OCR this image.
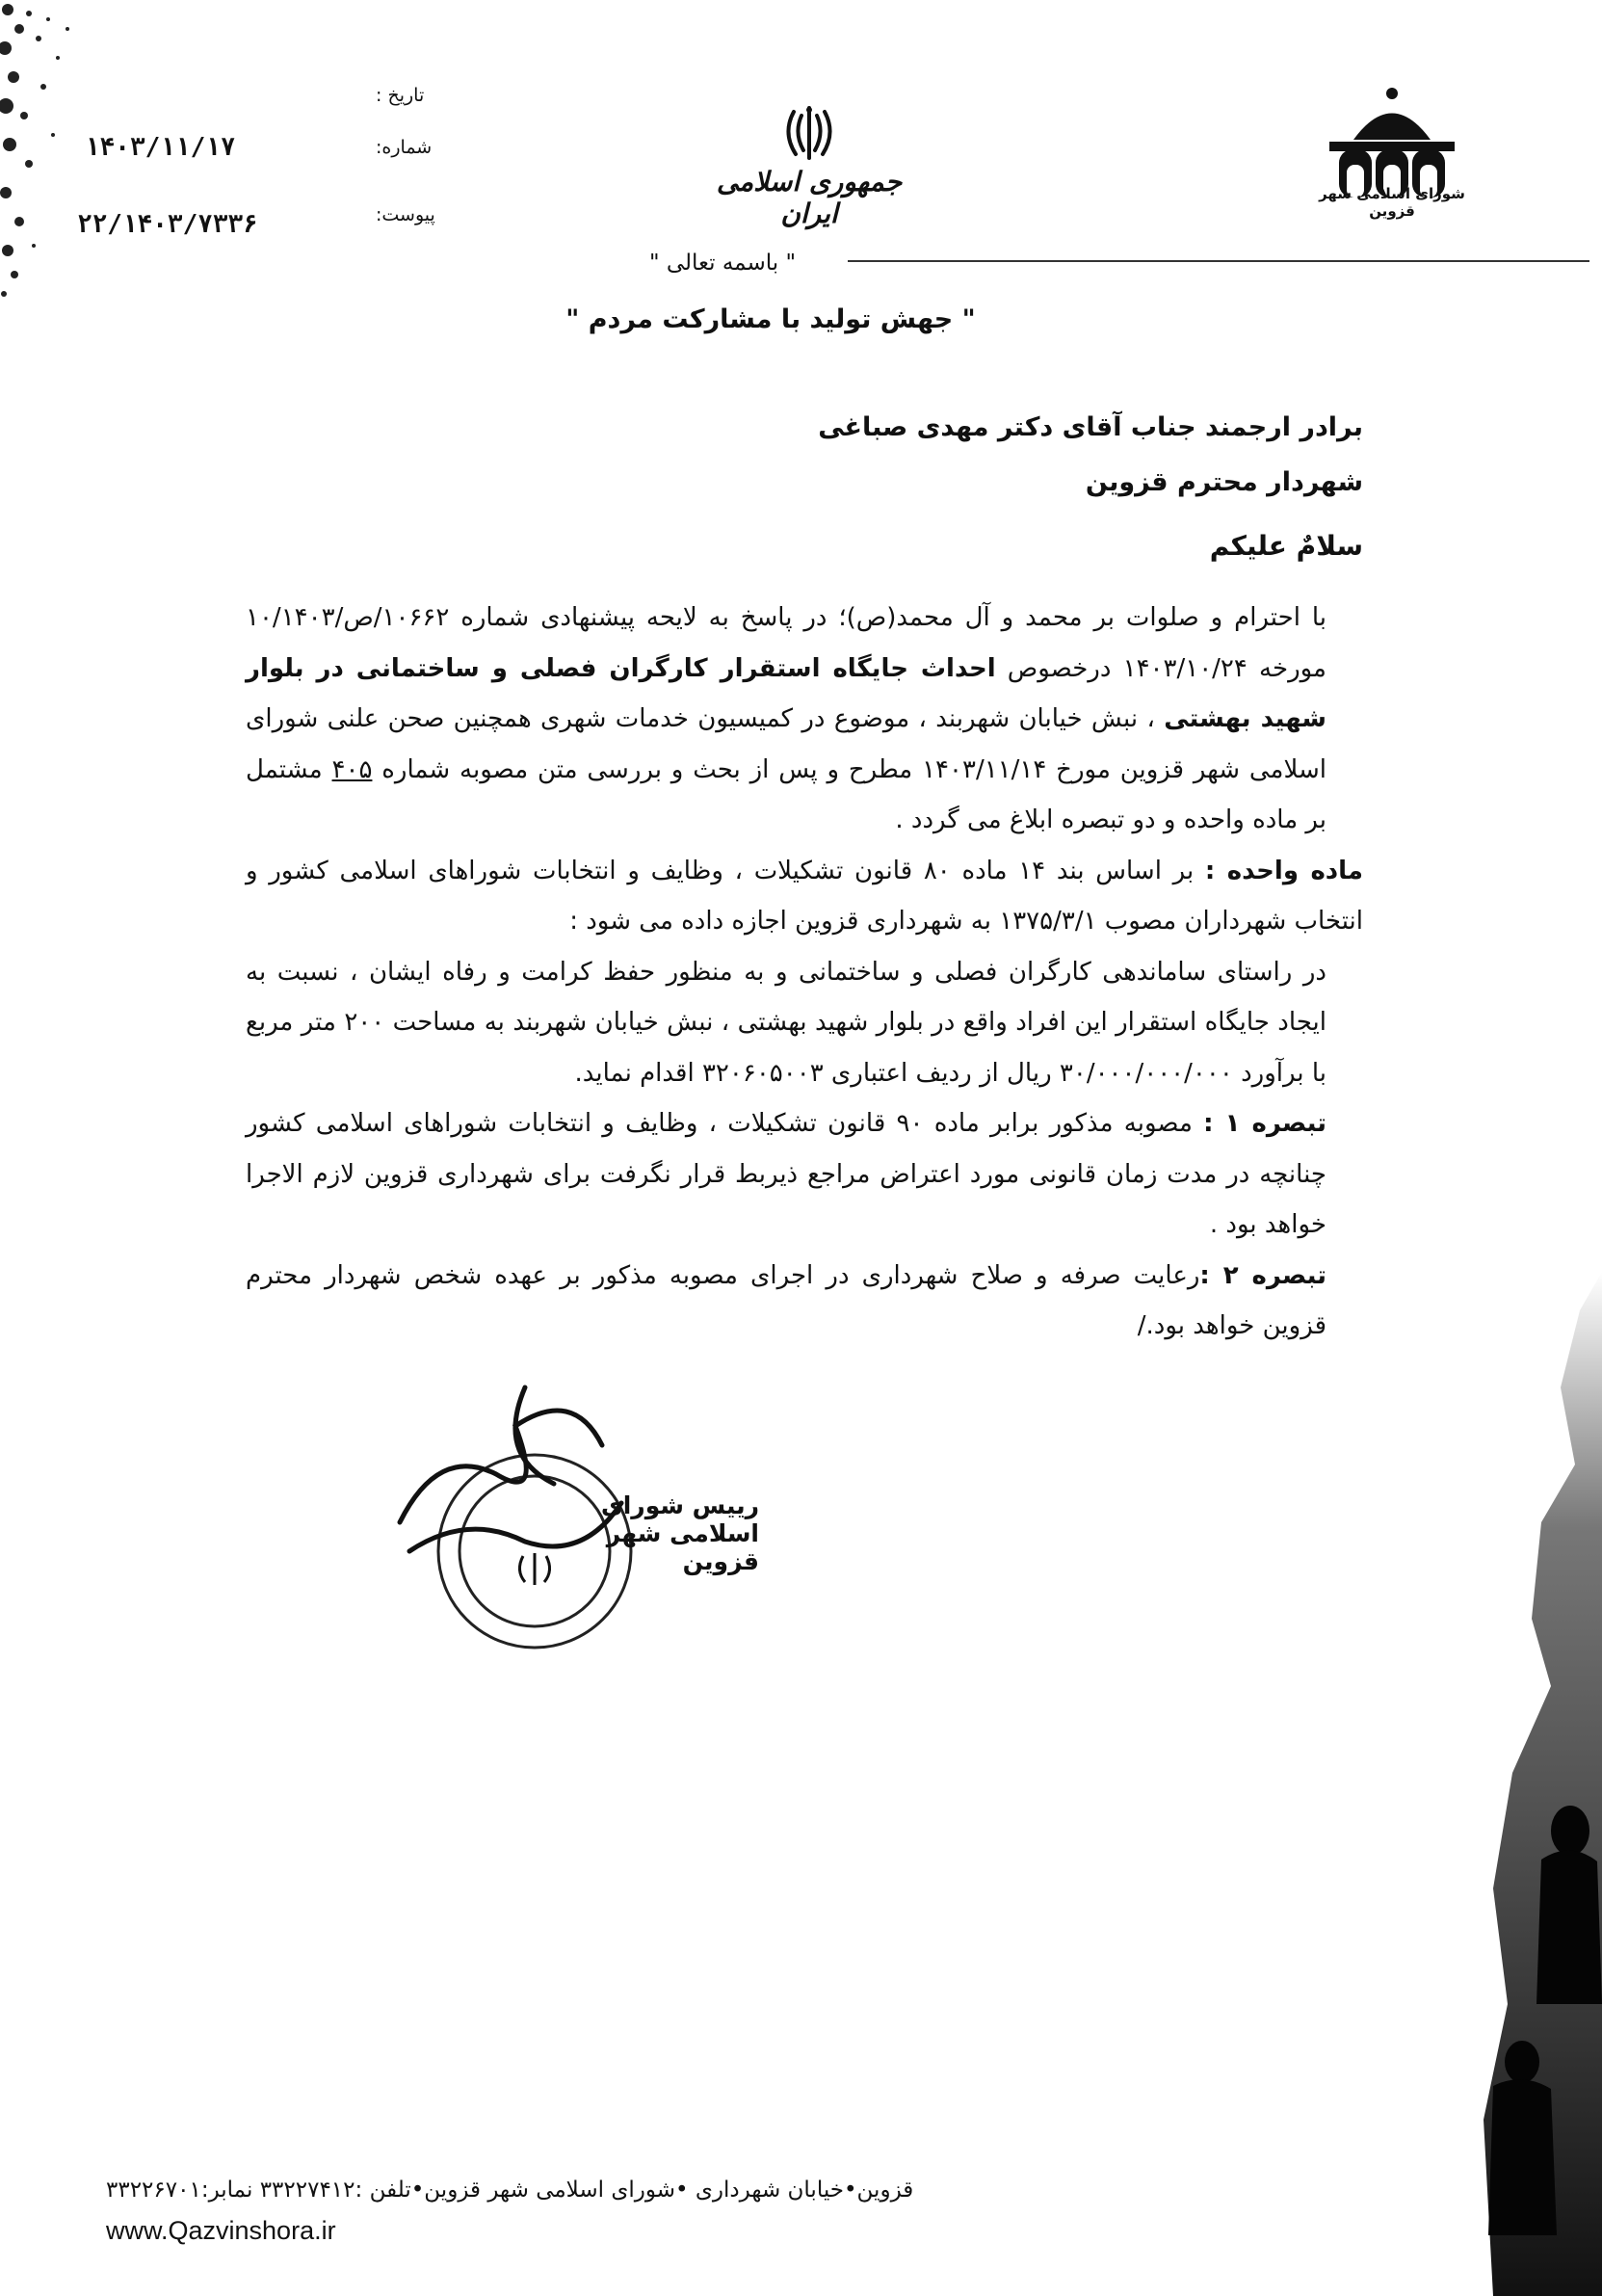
شورای اسلامی شهر قزوین
جمهوری اسلامی ایران
تاریخ :
شماره:
پیوست:
۱۴۰۳/۱۱/۱۷
۲۲/۱۴۰۳/۷۳۳۶
" باسمه تعالی "
" جهش تولید با مشارکت مردم "
برادر ارجمند جناب آقای دکتر مهدی صباغی
شهردار محترم قزوین
سلامٌ علیکم

با احترام و صلوات بر محمد و آل محمد(ص)؛ در پاسخ به لایحه پیشنهادی شماره ۱۰۶۶۲/ص/۱۰/۱۴۰۳ مورخه ۱۴۰۳/۱۰/۲۴ درخصوص احداث جایگاه استقرار کارگران فصلی و ساختمانی در بلوار شهید بهشتی ، نبش خیابان شهربند ، موضوع در کمیسیون خدمات شهری همچنین صحن علنی شورای اسلامی شهر قزوین مورخ ۱۴۰۳/۱۱/۱۴ مطرح و پس از بحث و بررسی متن مصوبه شماره ۴۰۵ مشتمل بر ماده واحده و دو تبصره ابلاغ می گردد .

ماده واحده : بر اساس بند ۱۴ ماده ۸۰ قانون تشکیلات ، وظایف و انتخابات شوراهای اسلامی کشور و انتخاب شهرداران مصوب ۱۳۷۵/۳/۱ به شهرداری قزوین اجازه داده می شود :

در راستای ساماندهی کارگران فصلی و ساختمانی و به منظور حفظ کرامت و رفاه ایشان ، نسبت به ایجاد جایگاه استقرار این افراد واقع در بلوار شهید بهشتی ، نبش خیابان شهربند به مساحت ۲۰۰ متر مربع با برآورد ۳۰/۰۰۰/۰۰۰/۰۰۰ ریال از ردیف اعتباری ۳۲۰۶۰۵۰۰۳ اقدام نماید.

تبصره ۱ : مصوبه مذکور برابر ماده ۹۰ قانون تشکیلات ، وظایف و انتخابات شوراهای اسلامی کشور چنانچه در مدت زمان قانونی مورد اعتراض مراجع ذیربط قرار نگرفت برای شهرداری قزوین لازم الاجرا خواهد بود .

تبصره ۲ :رعایت صرفه و صلاح شهرداری در اجرای مصوبه مذکور بر عهده شخص شهردار محترم قزوین خواهد بود./

رییس شورای اسلامی شهر قزوین
قزوین•خیابان شهرداری •شورای اسلامی شهر قزوین•تلفن :۳۳۲۲۷۴۱۲ نمابر:۳۳۲۲۶۷۰۱
www.Qazvinshora.ir
